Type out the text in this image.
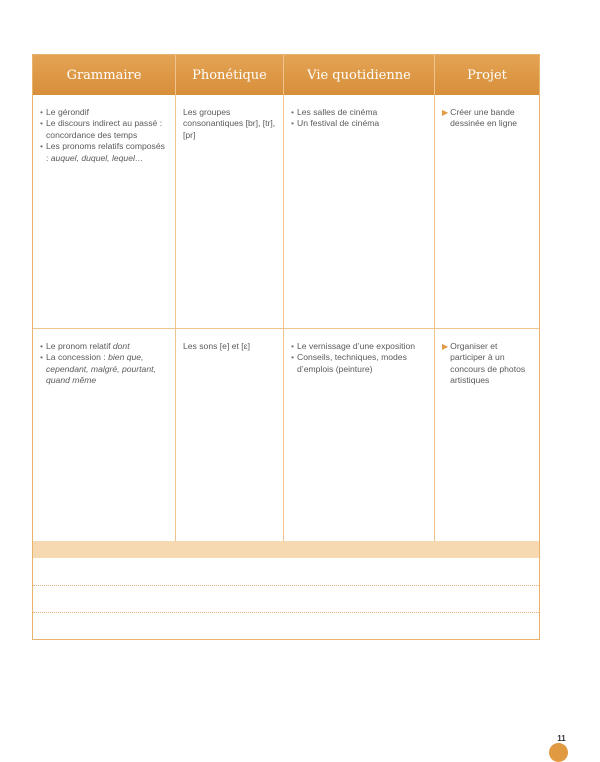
Grammaire	Phonétique	Vie quotidienne	Projet
• Le gérondif
• Le discours indirect au passé : concordance des temps
• Les pronoms relatifs composés : auquel, duquel, lequel…
Les groupes consonantiques [br], [tr], [pr]
• Les salles de cinéma
• Un festival de cinéma
▶ Créer une bande dessinée en ligne
• Le pronom relatif dont
• La concession : bien que, cependant, malgré, pourtant, quand même
Les sons [e] et [ɛ]
•	Le vernissage d’une exposition
• Conseils, techniques, modes d’emplois (peinture)
▶ Organiser et participer à un concours de photos artistiques
11
